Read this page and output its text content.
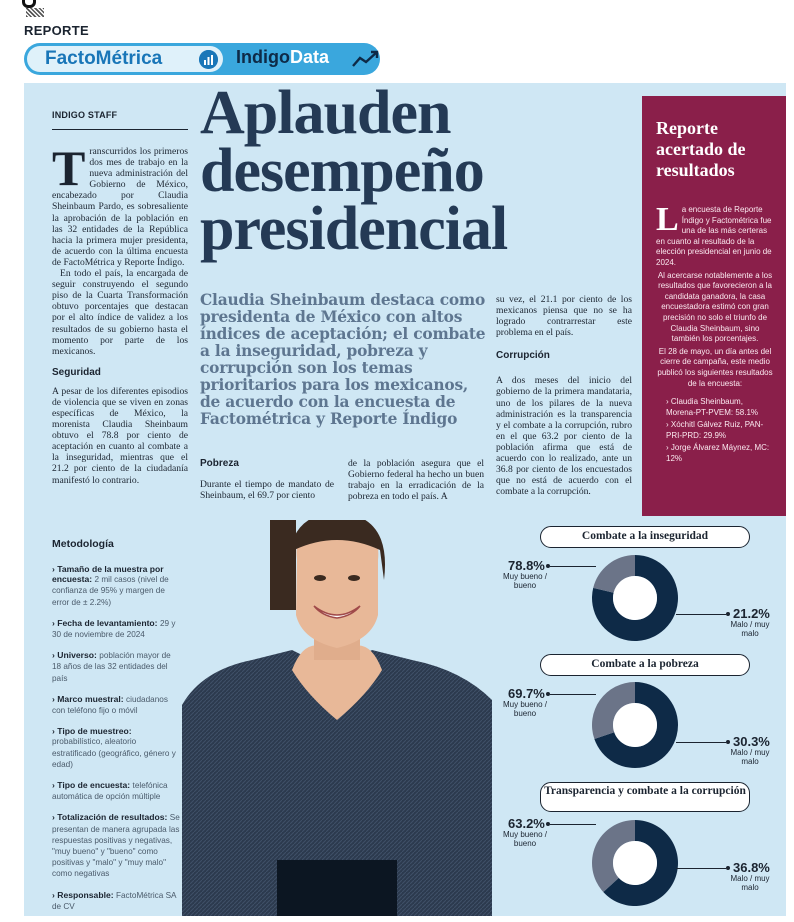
REPORTE
FactoMétrica	IndigoData
INDIGO STAFF
T ranscurridos los primeros dos mes de trabajo en la nueva administración del Gobierno de México, encabezado por Claudia Sheinbaum Pardo, es sobresaliente la aprobación de la población en las 32 entidades de la República hacia la primera mujer presidenta, de acuerdo con la última encuesta de FactoMétrica y Reporte Índigo.

En todo el país, la encargada de seguir construyendo el segundo piso de la Cuarta Transformación obtuvo porcentajes que destacan por el alto índice de validez a los resultados de su gobierno hasta el momento por parte de los mexicanos.

Seguridad

A pesar de los diferentes episodios de violencia que se viven en zonas específicas de México, la morenista Claudia Sheinbaum obtuvo el 78.8 por ciento de aceptación en cuanto al combate a la inseguridad, mientras que el 21.2 por ciento de la ciudadanía manifestó lo contrario.

Aplauden
desempeño
presidencial
Claudia Sheinbaum destaca como presidenta de México con altos índices de aceptación; el combate a la inseguridad, pobreza y corrupción son los temas prioritarios para los mexicanos, de acuerdo con la encuesta de Factométrica y Reporte Índigo
Pobreza

Durante el tiempo de mandato de Sheinbaum, el 69.7 por ciento

de la población asegura que el Gobierno federal ha hecho un buen trabajo en la erradicación de la pobreza en todo el país. A

su vez, el 21.1 por ciento de los mexicanos piensa que no se ha logrado contrarrestar este problema en el país.

Corrupción

A dos meses del inicio del gobierno de la primera mandataria, uno de los pilares de la nueva administración es la transparencia y el combate a la corrupción, rubro en el que 63.2 por ciento de la población afirma que está de acuerdo con lo realizado, ante un 36.8 por ciento de los encuestados que no está de acuerdo con el combate a la corrupción.

Reporte acertado de resultados
L a encuesta de Reporte Índigo y Factométrica fue una de las más certeras en cuanto al resultado de la elección presidencial en junio de 2024.

Al acercarse notablemente a los resultados que favorecieron a la candidata ganadora, la casa encuestadora estimó con gran precisión no solo el triunfo de Claudia Sheinbaum, sino también los porcentajes.

El 28 de mayo, un día antes del cierre de campaña, este medio publicó los siguientes resultados de la encuesta:

› Claudia Sheinbaum, Morena-PT-PVEM: 58.1%
› Xóchitl Gálvez Ruiz, PAN-PRI-PRD: 29.9%
› Jorge Álvarez Máynez, MC: 12%
Metodología
› Tamaño de la muestra por encuesta: 2 mil casos (nivel de confianza de 95% y margen de error de ± 2.2%)
› Fecha de levantamiento: 29 y 30 de noviembre de 2024
› Universo: población mayor de 18 años de las 32 entidades del país
› Marco muestral: ciudadanos con teléfono fijo o móvil
› Tipo de muestreo: probabilístico, aleatorio estratificado (geográfico, género y edad)
› Tipo de encuesta: telefónica automática de opción múltiple
› Totalización de resultados: Se presentan de manera agrupada las respuestas positivas y negativas, "muy bueno" y "bueno" como positivas y "malo" y "muy malo" como negativas
› Responsable: FactoMétrica SA de CV
Combate a la inseguridad
78.8%
Muy bueno / bueno
21.2%
Malo / muy malo
Combate a la pobreza
69.7%
Muy bueno / bueno
30.3%
Malo / muy malo
Transparencia y combate a la corrupción
63.2%
Muy bueno / bueno
36.8%
Malo / muy malo
